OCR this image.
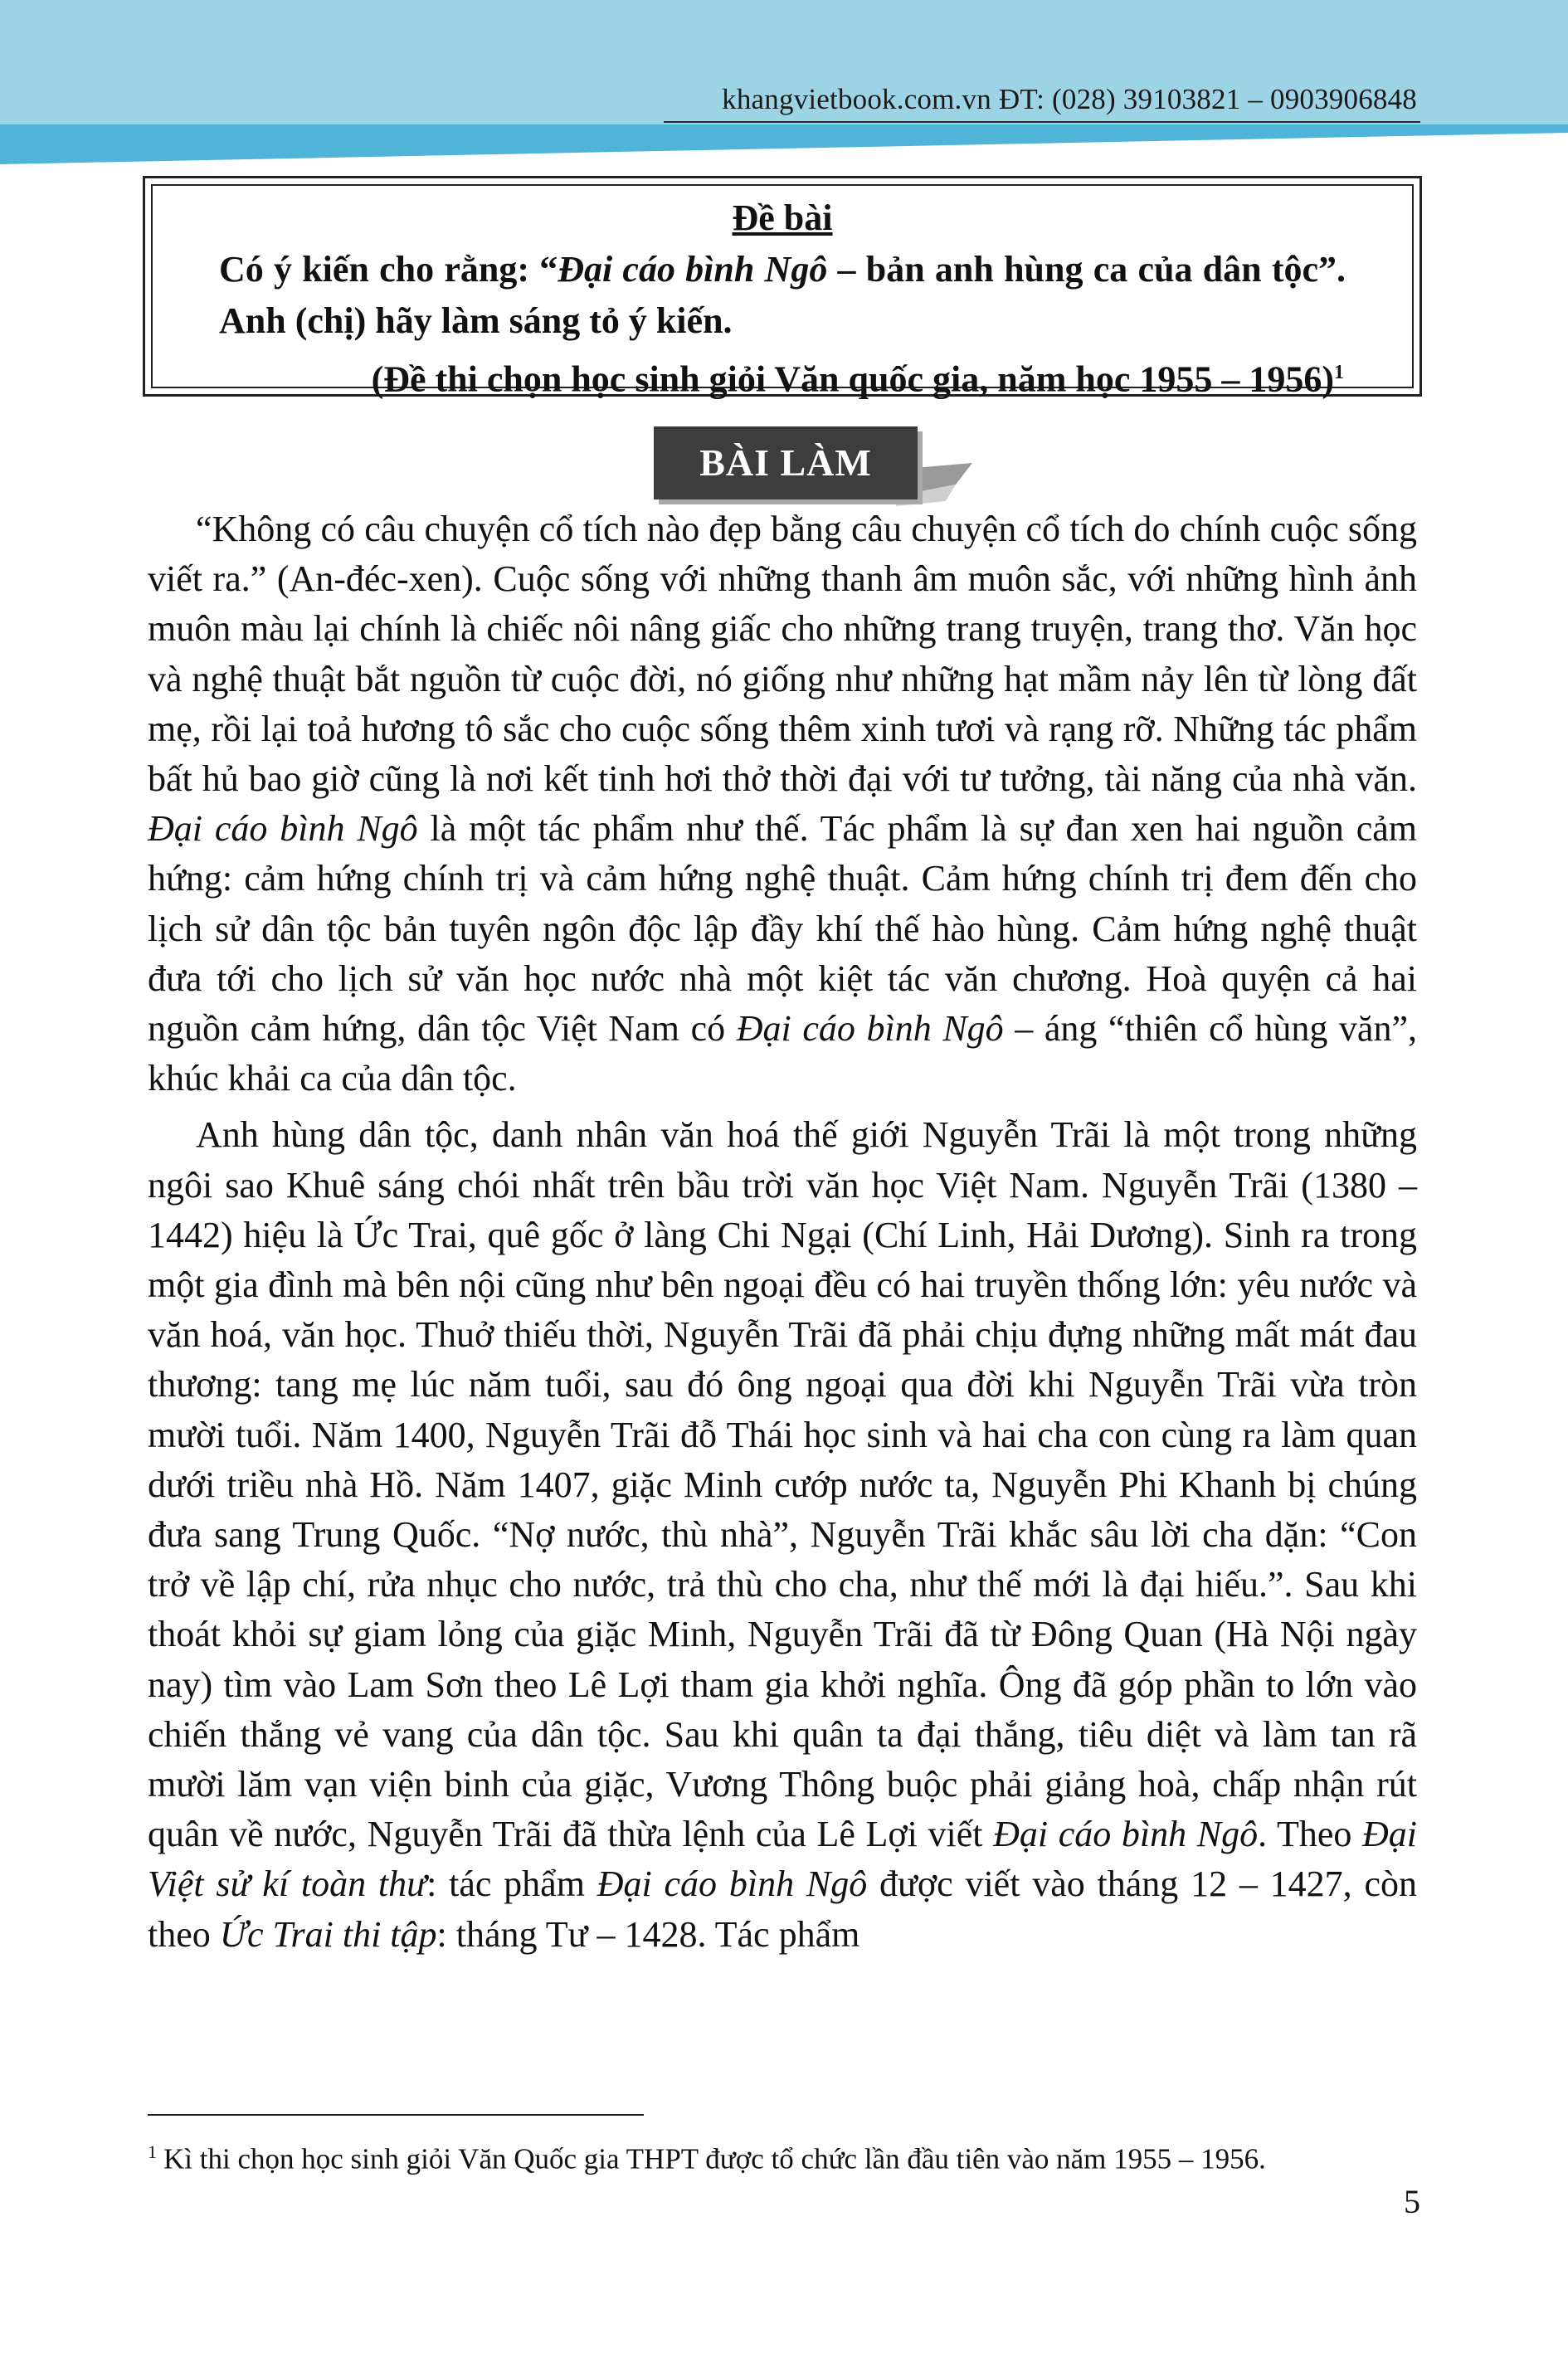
khangvietbook.com.vn ĐT: (028) 39103821 – 0903906848
Đề bài
Có ý kiến cho rằng: “Đại cáo bình Ngô – bản anh hùng ca của dân tộc”. Anh (chị) hãy làm sáng tỏ ý kiến.
(Đề thi chọn học sinh giỏi Văn quốc gia, năm học 1955 – 1956)$^1$
BÀI LÀM

“Không có câu chuyện cổ tích nào đẹp bằng câu chuyện cổ tích do chính cuộc sống viết ra.” (An-đéc-xen). Cuộc sống với những thanh âm muôn sắc, với những hình ảnh muôn màu lại chính là chiếc nôi nâng giấc cho những trang truyện, trang thơ. Văn học và nghệ thuật bắt nguồn từ cuộc đời, nó giống như những hạt mầm nảy lên từ lòng đất mẹ, rồi lại toả hương tô sắc cho cuộc sống thêm xinh tươi và rạng rỡ. Những tác phẩm bất hủ bao giờ cũng là nơi kết tinh hơi thở thời đại với tư tưởng, tài năng của nhà văn. Đại cáo bình Ngô là một tác phẩm như thế. Tác phẩm là sự đan xen hai nguồn cảm hứng: cảm hứng chính trị và cảm hứng nghệ thuật. Cảm hứng chính trị đem đến cho lịch sử dân tộc bản tuyên ngôn độc lập đầy khí thế hào hùng. Cảm hứng nghệ thuật đưa tới cho lịch sử văn học nước nhà một kiệt tác văn chương. Hoà quyện cả hai nguồn cảm hứng, dân tộc Việt Nam có Đại cáo bình Ngô – áng “thiên cổ hùng văn”, khúc khải ca của dân tộc.

Anh hùng dân tộc, danh nhân văn hoá thế giới Nguyễn Trãi là một trong những ngôi sao Khuê sáng chói nhất trên bầu trời văn học Việt Nam. Nguyễn Trãi (1380 – 1442) hiệu là Ức Trai, quê gốc ở làng Chi Ngại (Chí Linh, Hải Dương). Sinh ra trong một gia đình mà bên nội cũng như bên ngoại đều có hai truyền thống lớn: yêu nước và văn hoá, văn học. Thuở thiếu thời, Nguyễn Trãi đã phải chịu đựng những mất mát đau thương: tang mẹ lúc năm tuổi, sau đó ông ngoại qua đời khi Nguyễn Trãi vừa tròn mười tuổi. Năm 1400, Nguyễn Trãi đỗ Thái học sinh và hai cha con cùng ra làm quan dưới triều nhà Hồ. Năm 1407, giặc Minh cướp nước ta, Nguyễn Phi Khanh bị chúng đưa sang Trung Quốc. “Nợ nước, thù nhà”, Nguyễn Trãi khắc sâu lời cha dặn: “Con trở về lập chí, rửa nhục cho nước, trả thù cho cha, như thế mới là đại hiếu.”. Sau khi thoát khỏi sự giam lỏng của giặc Minh, Nguyễn Trãi đã từ Đông Quan (Hà Nội ngày nay) tìm vào Lam Sơn theo Lê Lợi tham gia khởi nghĩa. Ông đã góp phần to lớn vào chiến thắng vẻ vang của dân tộc. Sau khi quân ta đại thắng, tiêu diệt và làm tan rã mười lăm vạn viện binh của giặc, Vương Thông buộc phải giảng hoà, chấp nhận rút quân về nước, Nguyễn Trãi đã thừa lệnh của Lê Lợi viết Đại cáo bình Ngô. Theo Đại Việt sử kí toàn thư: tác phẩm Đại cáo bình Ngô được viết vào tháng 12 – 1427, còn theo Ức Trai thi tập: tháng Tư – 1428. Tác phẩm

$^1$ Kì thi chọn học sinh giỏi Văn Quốc gia THPT được tổ chức lần đầu tiên vào năm 1955 – 1956.
5
